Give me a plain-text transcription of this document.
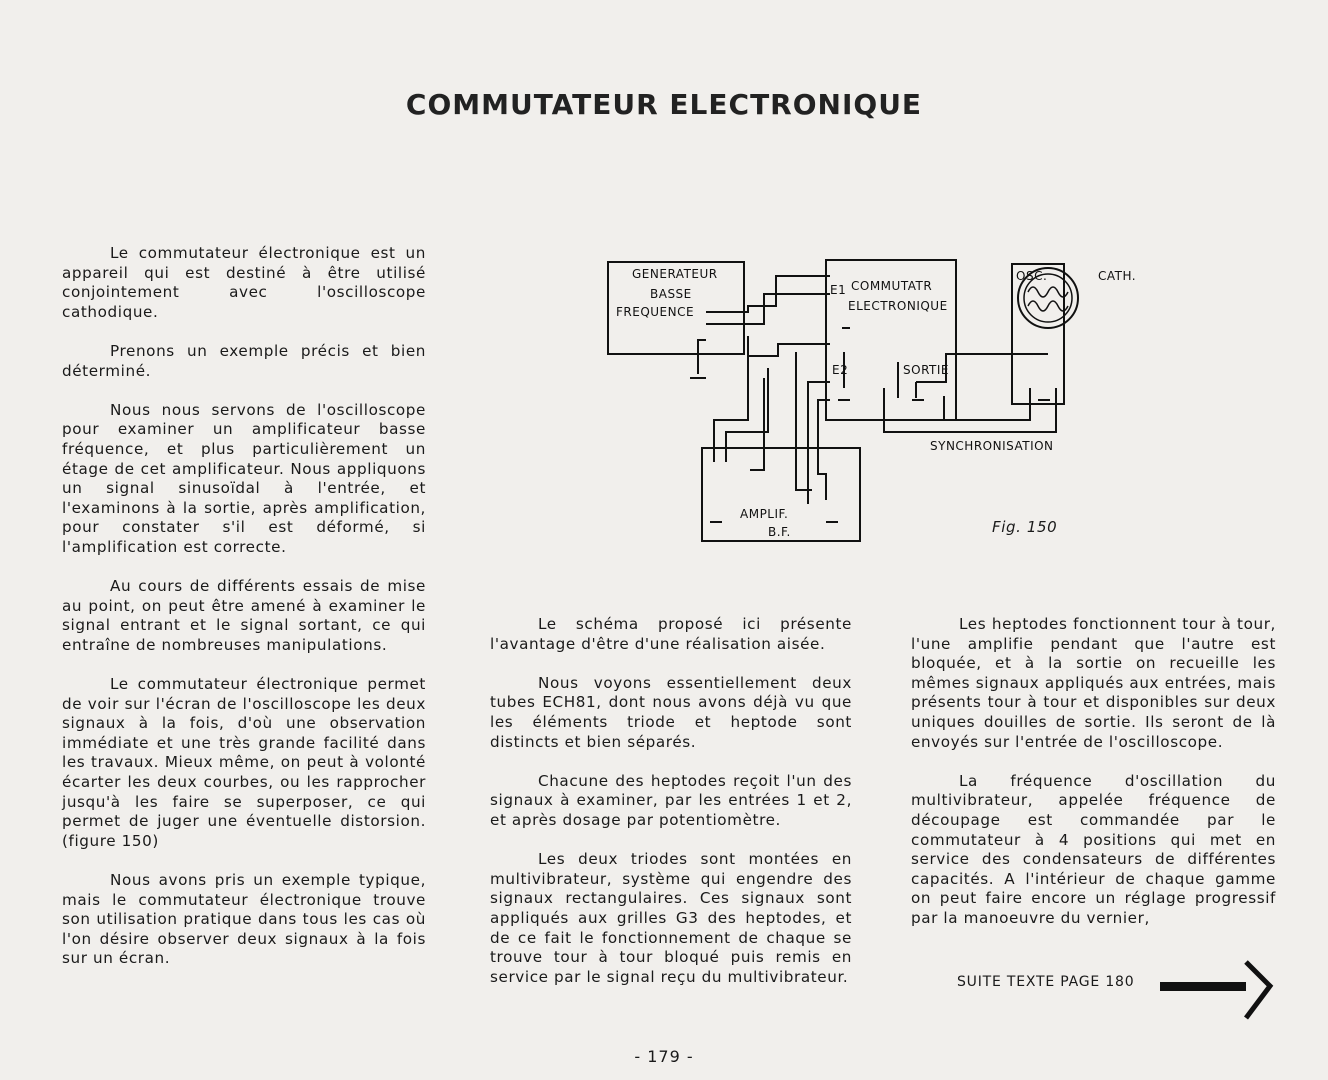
COMMUTATEUR ELECTRONIQUE

Le commutateur électronique est un appareil qui est destiné à être utilisé conjointement avec l'oscilloscope cathodique.

Prenons un exemple précis et bien déterminé.

Nous nous servons de l'oscilloscope pour examiner un amplificateur basse fréquence, et plus particulièrement un étage de cet amplificateur. Nous appliquons un signal sinusoïdal à l'entrée, et l'examinons à la sortie, après amplification, pour constater s'il est déformé, si l'amplification est correcte.

Au cours de différents essais de mise au point, on peut être amené à examiner le signal entrant et le signal sortant, ce qui entraîne de nombreuses manipulations.

Le commutateur électronique permet de voir sur l'écran de l'oscilloscope les deux signaux à la fois, d'où une observation immédiate et une très grande facilité dans les travaux. Mieux même, on peut à volonté écarter les deux courbes, ou les rapprocher jusqu'à les faire se superposer, ce qui permet de juger une éventuelle distorsion. (figure 150)

Nous avons pris un exemple typique, mais le commutateur électronique trouve son utilisation pratique dans tous les cas où l'on désire observer deux signaux à la fois sur un écran.

GENERATEUR
BASSE
FREQUENCE
COMMUTATR
ELECTRONIQUE
E1
E2	SORTIE
OSC.	CATH.
SYNCHRONISATION
AMPLIF.
B.F.	Fig. 150

Le schéma proposé ici présente l'avantage d'être d'une réalisation aisée.

Nous voyons essentiellement deux tubes ECH81, dont nous avons déjà vu que les éléments triode et heptode sont distincts et bien séparés.

Chacune des heptodes reçoit l'un des signaux à examiner, par les entrées 1 et 2, et après dosage par potentiomètre.

Les deux triodes sont montées en multivibrateur, système qui engendre des signaux rectangulaires. Ces signaux sont appliqués aux grilles G3 des heptodes, et de ce fait le fonctionnement de chaque se trouve tour à tour bloqué puis remis en service par le signal reçu du multivibrateur.

Les heptodes fonctionnent tour à tour, l'une amplifie pendant que l'autre est bloquée, et à la sortie on recueille les mêmes signaux appliqués aux entrées, mais présents tour à tour et disponibles sur deux uniques douilles de sortie. Ils seront de là envoyés sur l'entrée de l'oscilloscope.

La fréquence d'oscillation du multivibrateur, appelée fréquence de découpage est commandée par le commutateur à 4 positions qui met en service des condensateurs de différentes capacités. A l'intérieur de chaque gamme on peut faire encore un réglage progressif par la manoeuvre du vernier,

SUITE TEXTE PAGE 180
- 179 -
